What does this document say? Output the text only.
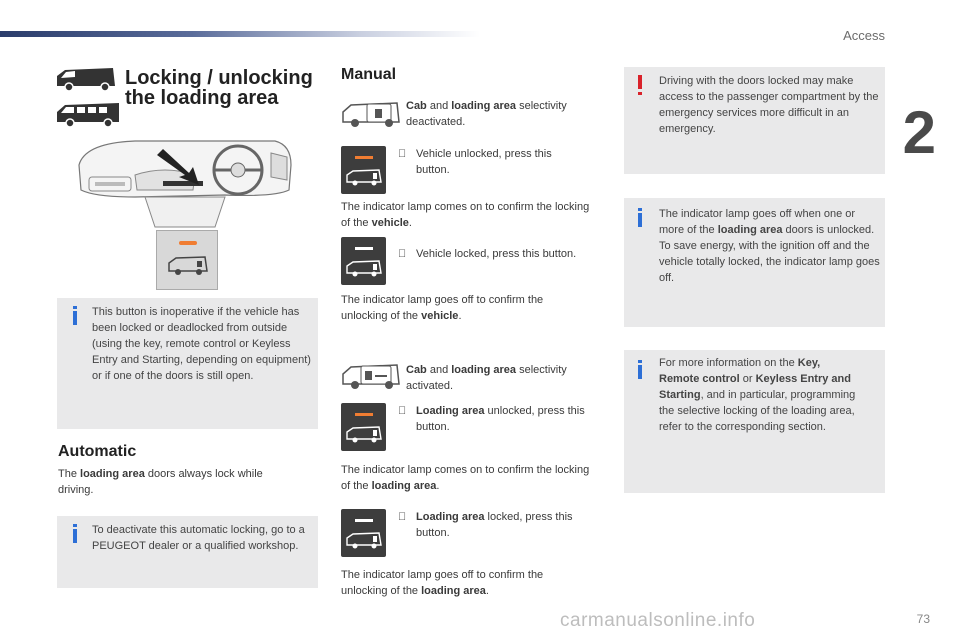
Access
2
73
carmanualsonline.info
Locking / unlocking
the loading area
This button is inoperative if the vehicle has been locked or deadlocked from outside (using the key, remote control or Keyless Entry and Starting, depending on equipment) or if one of the doors is still open.
Automatic
The loading area doors always lock while driving.
To deactivate this automatic locking, go to a PEUGEOT dealer or a qualified workshop.
Manual
Cab and loading area selectivity deactivated.
Vehicle unlocked, press this button.
The indicator lamp comes on to confirm the locking of the vehicle.
Vehicle locked, press this button.
The indicator lamp goes off to confirm the unlocking of the vehicle.
Cab and loading area selectivity activated.
Loading area unlocked, press this button.
The indicator lamp comes on to confirm the locking of the loading area.
Loading area locked, press this button.
The indicator lamp goes off to confirm the unlocking of the loading area.
Driving with the doors locked may make access to the passenger compartment by the emergency services more difficult in an emergency.
The indicator lamp goes off when one or more of the loading area doors is unlocked.
To save energy, with the ignition off and the vehicle totally locked, the indicator lamp goes off.
For more information on the Key, Remote control or Keyless Entry and Starting, and in particular, programming the selective locking of the loading area, refer to the corresponding section.
